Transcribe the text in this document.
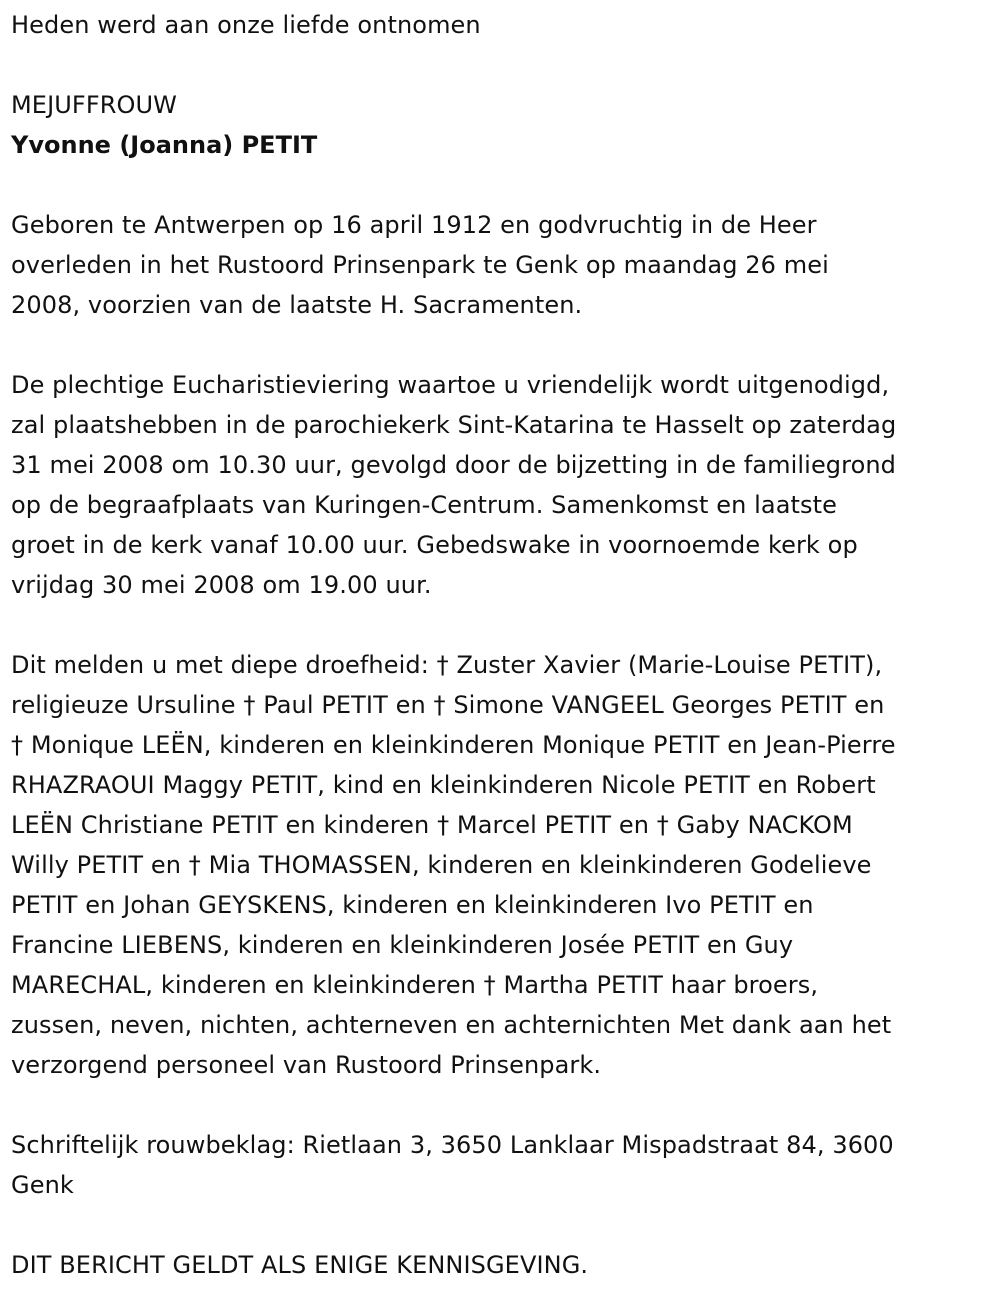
Heden werd aan onze liefde ontnomen
MEJUFFROUW
Yvonne (Joanna) PETIT
Geboren te Antwerpen op 16 april 1912 en godvruchtig in de Heer
overleden in het Rustoord Prinsenpark te Genk op maandag 26 mei
2008, voorzien van de laatste H. Sacramenten.
De plechtige Eucharistieviering waartoe u vriendelijk wordt uitgenodigd,
zal plaatshebben in de parochiekerk Sint-Katarina te Hasselt op zaterdag
31 mei 2008 om 10.30 uur, gevolgd door de bijzetting in de familiegrond
op de begraafplaats van Kuringen-Centrum. Samenkomst en laatste
groet in de kerk vanaf 10.00 uur. Gebedswake in voornoemde kerk op
vrijdag 30 mei 2008 om 19.00 uur.
Dit melden u met diepe droefheid: † Zuster Xavier (Marie-Louise PETIT),
religieuze Ursuline † Paul PETIT en † Simone VANGEEL Georges PETIT en
† Monique LEËN, kinderen en kleinkinderen Monique PETIT en Jean-Pierre
RHAZRAOUI Maggy PETIT, kind en kleinkinderen Nicole PETIT en Robert
LEËN Christiane PETIT en kinderen † Marcel PETIT en † Gaby NACKOM
Willy PETIT en † Mia THOMASSEN, kinderen en kleinkinderen Godelieve
PETIT en Johan GEYSKENS, kinderen en kleinkinderen Ivo PETIT en
Francine LIEBENS, kinderen en kleinkinderen Josée PETIT en Guy
MARECHAL, kinderen en kleinkinderen † Martha PETIT haar broers,
zussen, neven, nichten, achterneven en achternichten Met dank aan het
verzorgend personeel van Rustoord Prinsenpark.
Schriftelijk rouwbeklag: Rietlaan 3, 3650 Lanklaar Mispadstraat 84, 3600
Genk
DIT BERICHT GELDT ALS ENIGE KENNISGEVING.
